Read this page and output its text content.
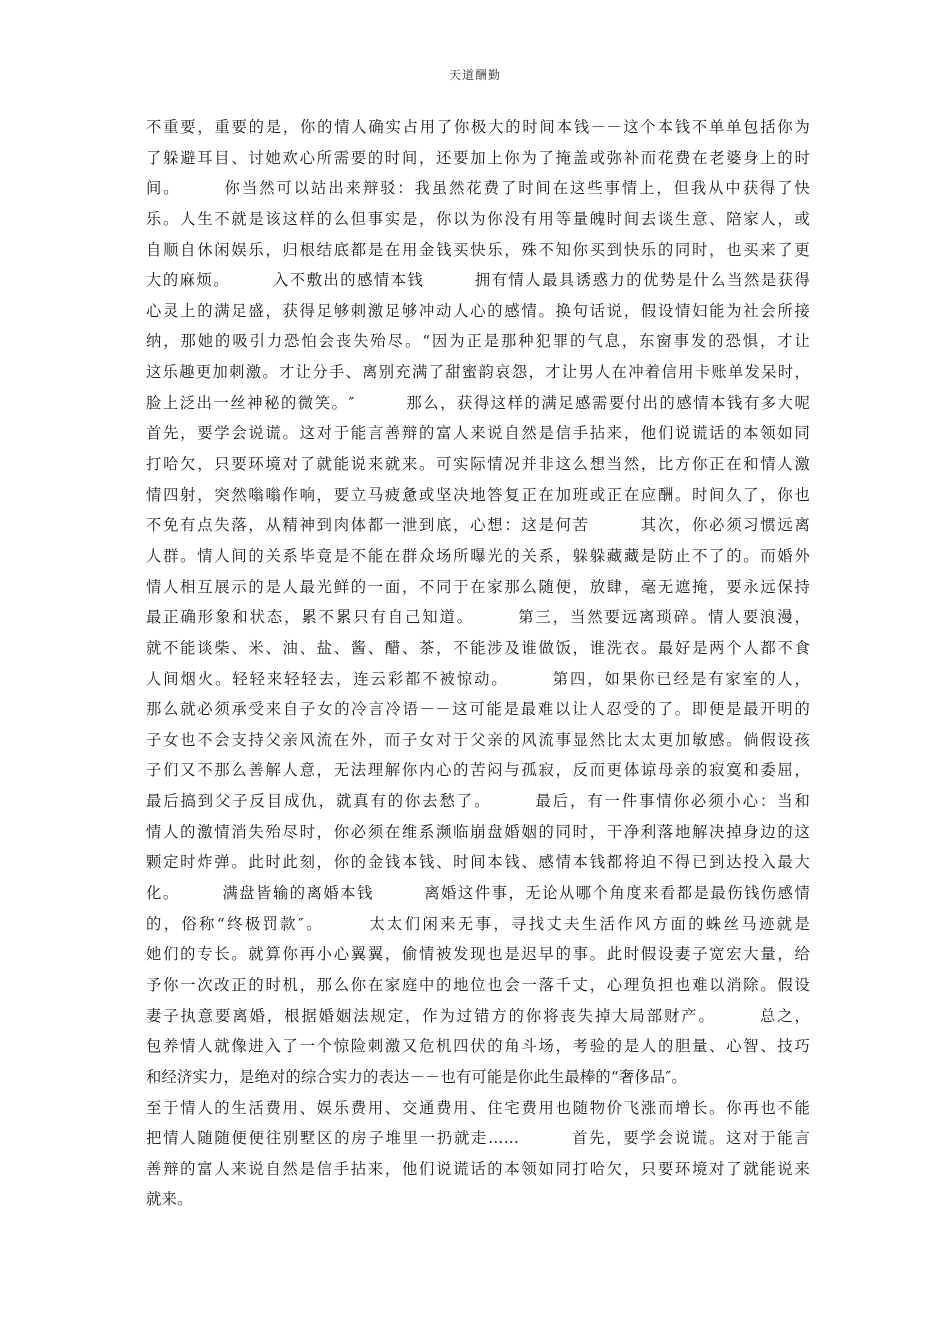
天道酬勤
不重要，重要的是，你的情人确实占用了你极大的时间本钱－－这个本钱不单单包括你为
了躲避耳目、讨她欢心所需要的时间，还要加上你为了掩盖或弥补而花费在老婆身上的时
间。　　　你当然可以站出来辩驳：我虽然花费了时间在这些事情上，但我从中获得了快
乐。人生不就是该这样的么但事实是，你以为你没有用等量魄时间去谈生意、陪家人，或
自顺自休闲娱乐，归根结底都是在用金钱买快乐，殊不知你买到快乐的同时，也买来了更
大的麻烦。　　　入不敷出的感情本钱　　　拥有情人最具诱惑力的优势是什么当然是获得
心灵上的满足盛，获得足够刺激足够冲动人心的感情。换句话说，假设情妇能为社会所接
纳，那她的吸引力恐怕会丧失殆尽。“因为正是那种犯罪的气息，东窗事发的恐惧，才让
这乐趣更加刺激。才让分手、离别充满了甜蜜韵哀怨，才让男人在冲着信用卡账单发呆时，
脸上泛出一丝神秘的微笑。″　　　那么，获得这样的满足感需要付出的感情本钱有多大呢
首先，要学会说谎。这对于能言善辩的富人来说自然是信手拈来，他们说谎话的本领如同
打哈欠，只要环境对了就能说来就来。可实际情况并非这么想当然，比方你正在和情人激
情四射，突然嗡嗡作响，要立马疲惫或坚决地答复正在加班或正在应酬。时间久了，你也
不免有点失落，从精神到肉体都一泄到底，心想：这是何苦　　　其次，你必须习惯远离
人群。情人间的关系毕竟是不能在群众场所曝光的关系，躲躲藏藏是防止不了的。而婚外
情人相互展示的是人最光鲜的一面，不同于在家那么随便，放肆，毫无遮掩，要永远保持
最正确形象和状态，累不累只有自己知道。　　　第三，当然要远离琐碎。情人要浪漫，
就不能谈柴、米、油、盐、酱、醋、茶，不能涉及谁做饭，谁洗衣。最好是两个人都不食
人间烟火。轻轻来轻轻去，连云彩都不被惊动。　　　第四，如果你已经是有家室的人，
那么就必须承受来自子女的冷言冷语－－这可能是最难以让人忍受的了。即便是最开明的
子女也不会支持父亲风流在外，而子女对于父亲的风流事显然比太太更加敏感。倘假设孩
子们又不那么善解人意，无法理解你内心的苦闷与孤寂，反而更体谅母亲的寂寞和委屈，
最后搞到父子反目成仇，就真有的你去愁了。　　　最后，有一件事情你必须小心：当和
情人的激情消失殆尽时，你必须在维系濒临崩盘婚姻的同时，干净利落地解决掉身边的这
颗定时炸弹。此时此刻，你的金钱本钱、时间本钱、感情本钱都将迫不得已到达投入最大
化。　　　满盘皆输的离婚本钱　　　离婚这件事，无论从哪个角度来看都是最伤钱伤感情
的，俗称“终极罚款″。　　　太太们闲来无事，寻找丈夫生活作风方面的蛛丝马迹就是
她们的专长。就算你再小心翼翼，偷情被发现也是迟早的事。此时假设妻子宽宏大量，给
予你一次改正的时机，那么你在家庭中的地位也会一落千丈，心理负担也难以消除。假设
妻子执意要离婚，根据婚姻法规定，作为过错方的你将丧失掉大局部财产。　　　总之，
包养情人就像进入了一个惊险刺激又危机四伏的角斗场，考验的是人的胆量、心智、技巧
和经济实力，是绝对的综合实力的表达－－也有可能是你此生最棒的“奢侈品″。
至于情人的生活费用、娱乐费用、交通费用、住宅费用也随物价飞涨而增长。你再也不能
把情人随随便便往别墅区的房子堆里一扔就走……　　　首先，要学会说谎。这对于能言
善辩的富人来说自然是信手拈来，他们说谎话的本领如同打哈欠，只要环境对了就能说来
就来。
